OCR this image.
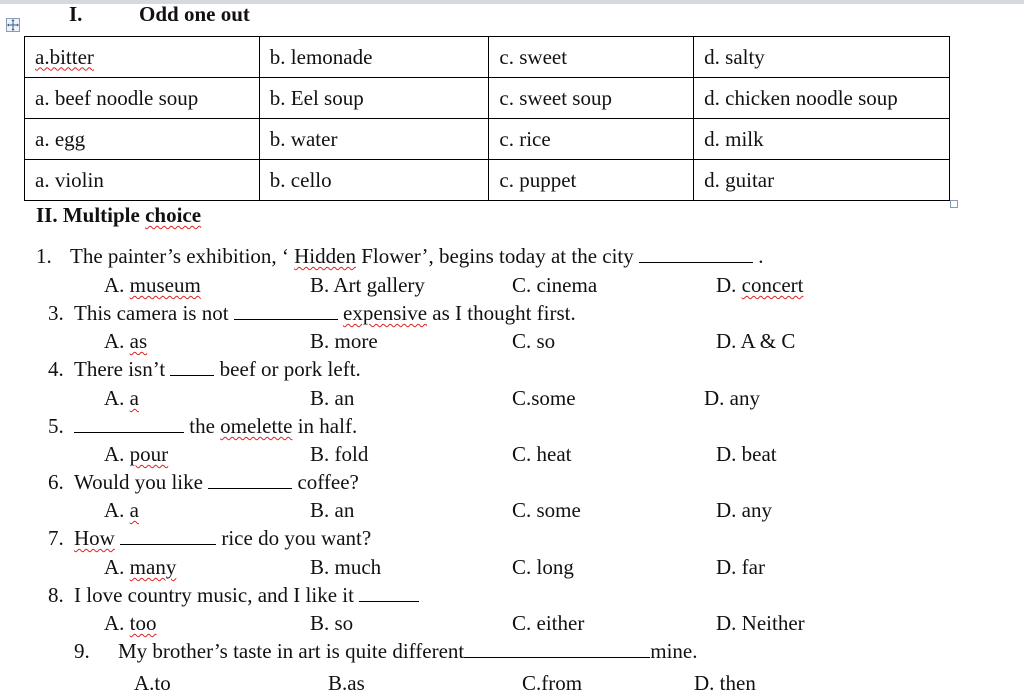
I.	Odd one out
a.bitter	b. lemonade	c. sweet	d. salty
a. beef noodle soup	b. Eel soup	c. sweet soup	d. chicken noodle soup
a. egg	b. water	c. rice	d. milk
a. violin	b. cello	c. puppet	d. guitar
II. Multiple choice
1. The painter’s exhibition, ‘ Hidden Flower’, begins today at the city	.
A. museum	B. Art gallery	C. cinema	D. concert
3. This camera is not	expensive as I thought first.
A. as	B. more	C. so	D. A & C
4. There isn’t  beef or pork left.
A. a	B. an	C.some	D. any
5.	the omelette in half.
A. pour	B. fold	C. heat	D. beat
6. Would you like	coffee?
A. a	B. an	C. some	D. any
7. How	rice do you want?
A. many	B. much	C. long	D. far
8. I love country music, and I like it
A. too	B. so	C. either	D. Neither
9. My brother’s taste in art is quite different	mine.
A.to	B.as	C.from	D. then
